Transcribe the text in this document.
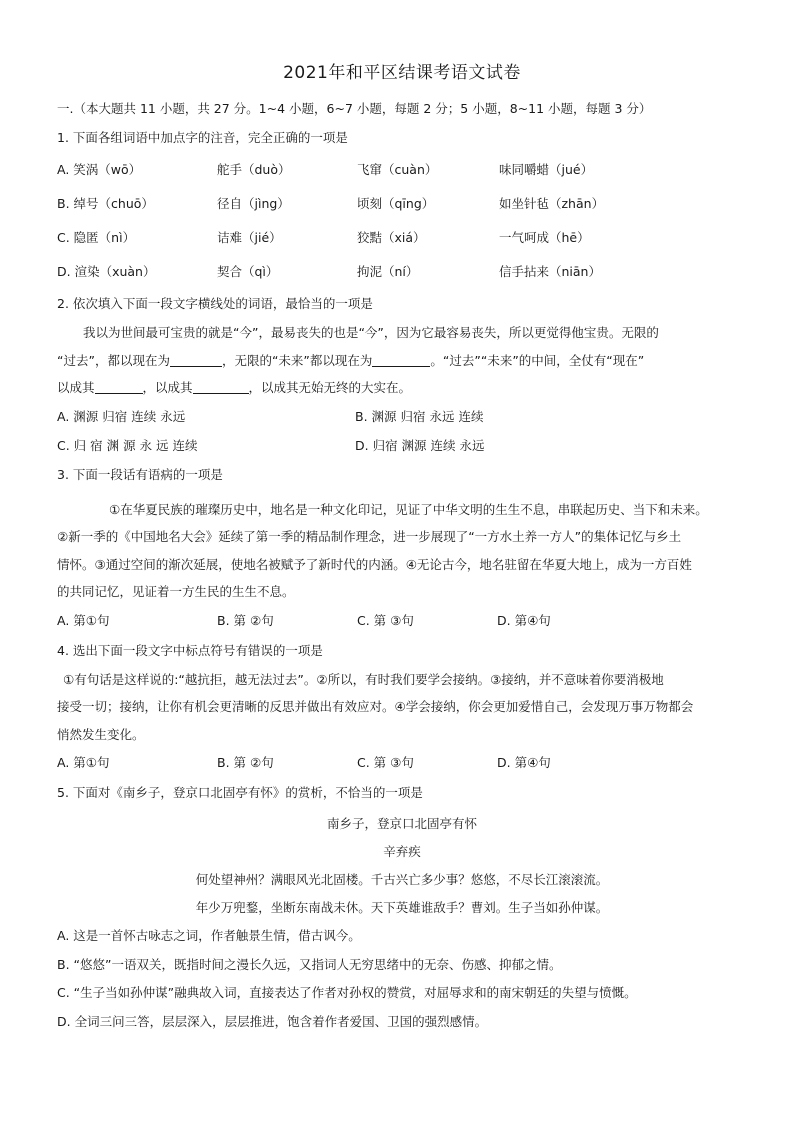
2021年和平区结课考语文试卷
一.（本大题共 11 小题，共 27 分。1~4 小题，6~7 小题，每题 2 分；5 小题，8~11 小题，每题 3 分）
1. 下面各组词语中加点字的注音，完全正确的一项是
A. 笑涡（wō）	舵手（duò）	飞窜（cuàn）	味同嚼蜡（jué）
B. 绰号（chuō）	径自（jìng）	顷刻（qīng）	如坐针毡（zhān）
C. 隐匿（nì）	诘难（jié）	狡黠（xiá）	一气呵成（hē）
D. 渲染（xuàn）	契合（qì）	拘泥（ní）	信手拈来（niān）
2. 依次填入下面一段文字横线处的词语，最恰当的一项是
我以为世间最可宝贵的就是“今”，最易丧失的也是“今”，因为它最容易丧失，所以更觉得他宝贵。无限的
“过去”，都以现在为	，无限的“未来”都以现在为	。“过去”“未来”的中间，全仗有“现在”
以成其	，以成其	，以成其无始无终的大实在。
A. 渊源 归宿 连续 永远	B. 渊源 归宿 永远 连续
C. 归 宿 渊 源 永 远 连续	D. 归宿 渊源 连续 永远
3. 下面一段话有语病的一项是
①在华夏民族的璀璨历史中，地名是一种文化印记，见证了中华文明的生生不息，串联起历史、当下和未来。
②新一季的《中国地名大会》延续了第一季的精品制作理念，进一步展现了“一方水土养一方人”的集体记忆与乡土
情怀。③通过空间的渐次延展，使地名被赋予了新时代的内涵。④无论古今，地名驻留在华夏大地上，成为一方百姓
的共同记忆，见证着一方生民的生生不息。
A. 第①句	B. 第 ②句	C. 第 ③句	D. 第④句
4. 选出下面一段文字中标点符号有错误的一项是
①有句话是这样说的:“越抗拒，越无法过去”。②所以，有时我们要学会接纳。③接纳，并不意味着你要消极地
接受一切；接纳，让你有机会更清晰的反思并做出有效应对。④学会接纳，你会更加爱惜自己，会发现万事万物都会
悄然发生变化。
A. 第①句	B. 第 ②句	C. 第 ③句	D. 第④句
5. 下面对《南乡子，登京口北固亭有怀》的赏析，不恰当的一项是
南乡子，登京口北固亭有怀
辛弃疾
何处望神州？满眼风光北固楼。千古兴亡多少事？悠悠，不尽长江滚滚流。
年少万兜鍪，坐断东南战未休。天下英雄谁敌手？曹刘。生子当如孙仲谋。
A. 这是一首怀古咏志之词，作者触景生情，借古讽今。
B. “悠悠”一语双关，既指时间之漫长久远，又指词人无穷思绪中的无奈、伤感、抑郁之情。
C. “生子当如孙仲谋”融典故入词，直接表达了作者对孙权的赞赏，对屈辱求和的南宋朝廷的失望与愤慨。
D. 全词三问三答，层层深入，层层推进，饱含着作者爱国、卫国的强烈感情。
